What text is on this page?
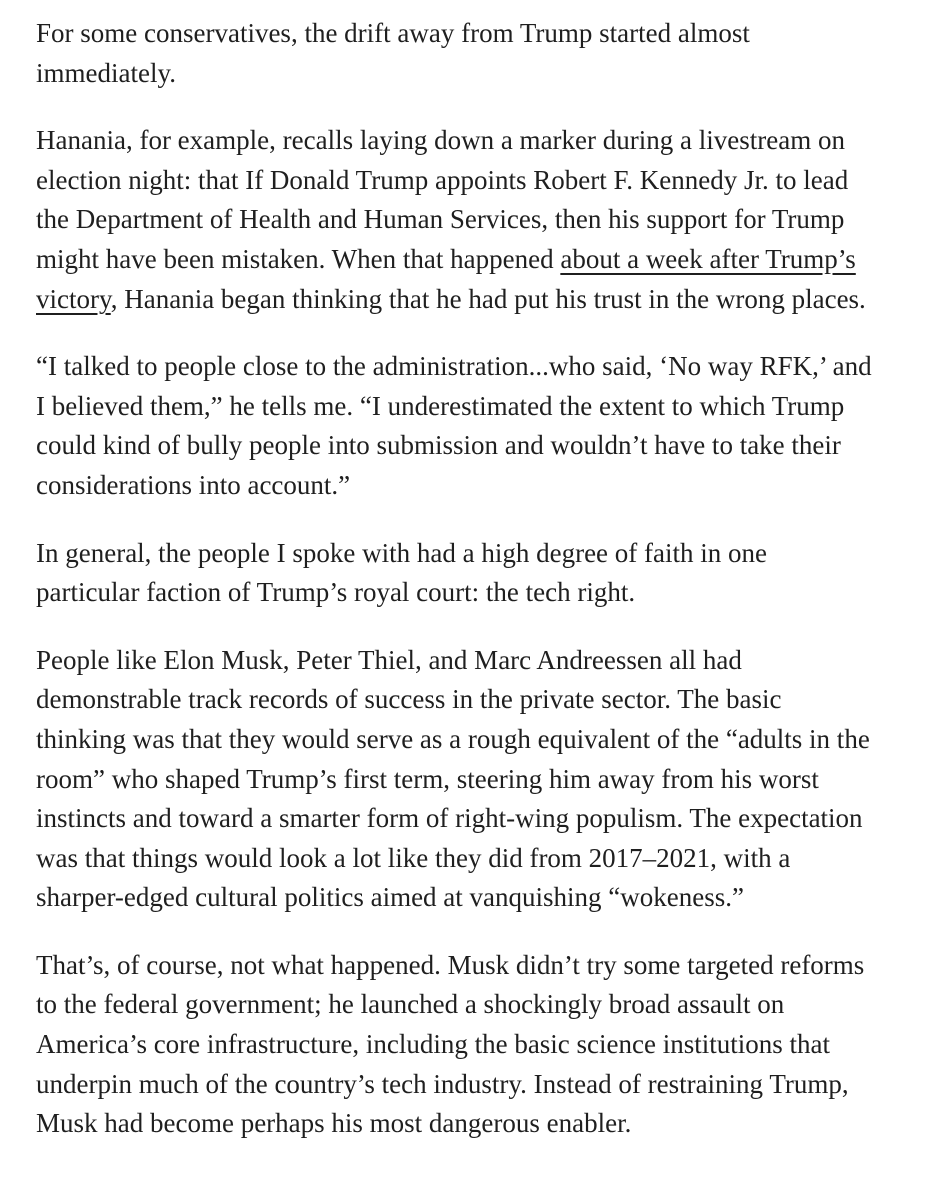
For some conservatives, the drift away from Trump started almost immediately.

Hanania, for example, recalls laying down a marker during a livestream on election night: that If Donald Trump appoints Robert F. Kennedy Jr. to lead the Department of Health and Human Services, then his support for Trump might have been mistaken. When that happened about a week after Trump’s victory, Hanania began thinking that he had put his trust in the wrong places.

“I talked to people close to the administration...who said, ‘No way RFK,’ and I believed them,” he tells me. “I underestimated the extent to which Trump could kind of bully people into submission and wouldn’t have to take their considerations into account.”

In general, the people I spoke with had a high degree of faith in one particular faction of Trump’s royal court: the tech right.

People like Elon Musk, Peter Thiel, and Marc Andreessen all had demonstrable track records of success in the private sector. The basic thinking was that they would serve as a rough equivalent of the “adults in the room” who shaped Trump’s first term, steering him away from his worst instincts and toward a smarter form of right-wing populism. The expectation was that things would look a lot like they did from 2017–2021, with a sharper-edged cultural politics aimed at vanquishing “wokeness.”

That’s, of course, not what happened. Musk didn’t try some targeted reforms to the federal government; he launched a shockingly broad assault on America’s core infrastructure, including the basic science institutions that underpin much of the country’s tech industry. Instead of restraining Trump, Musk had become perhaps his most dangerous enabler.
